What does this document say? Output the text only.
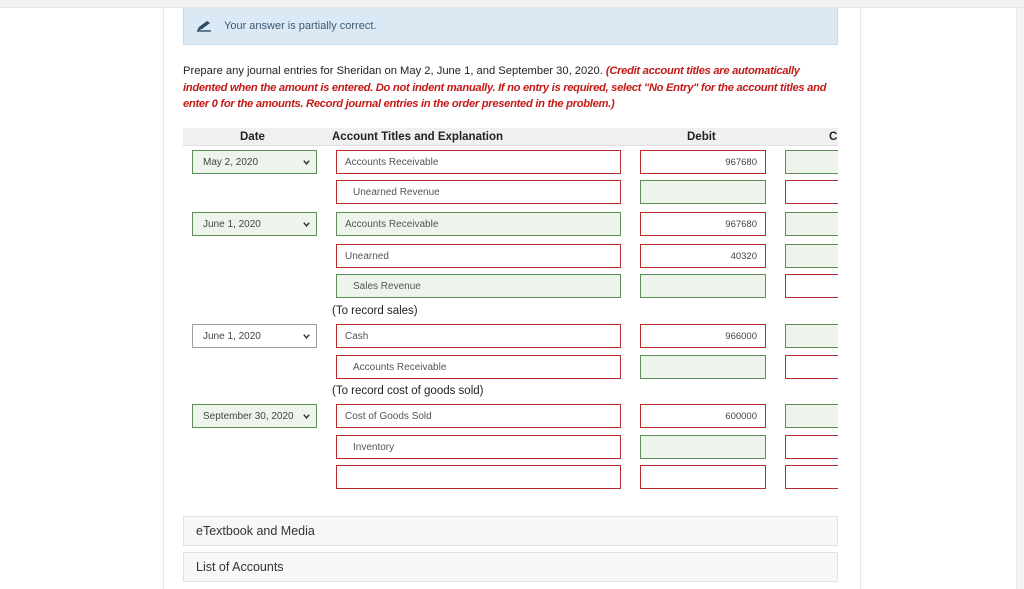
Your answer is partially correct.
Prepare any journal entries for Sheridan on May 2, June 1, and September 30, 2020. (Credit account titles are automatically indented when the amount is entered. Do not indent manually. If no entry is required, select "No Entry" for the account titles and enter 0 for the amounts. Record journal entries in the order presented in the problem.)
Date	Account Titles and Explanation	Debit	C
May 2, 2020	Accounts Receivable	967680
Unearned Revenue
June 1, 2020	Accounts Receivable	967680
Unearned	40320
Sales Revenue
(To record sales)
June 1, 2020	Cash	966000
Accounts Receivable
(To record cost of goods sold)
September 30, 2020	Cost of Goods Sold	600000
Inventory
eTextbook and Media
List of Accounts
